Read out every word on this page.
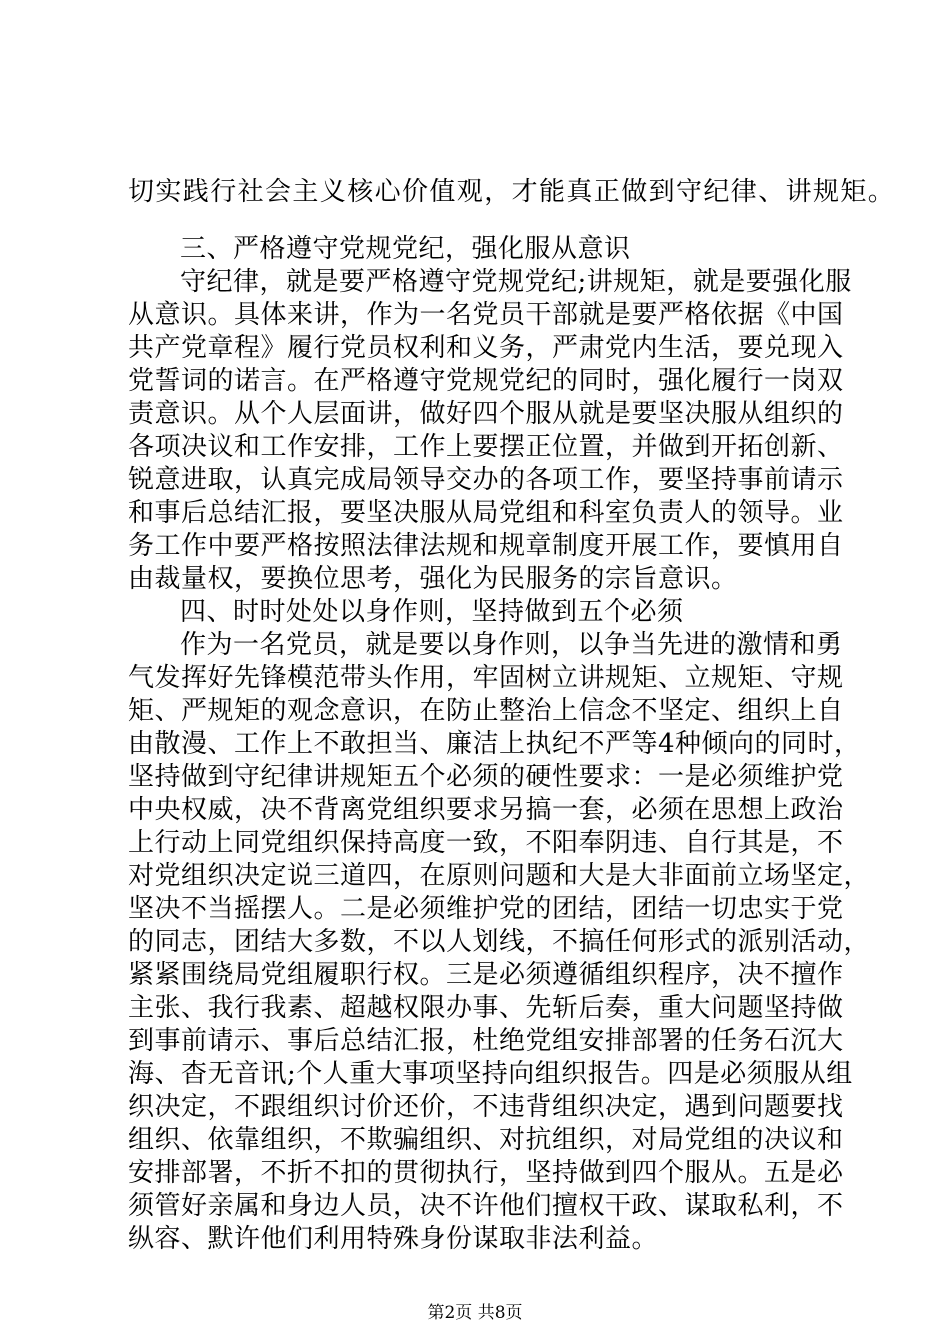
切实践行社会主义核心价值观，才能真正做到守纪律、讲规矩。
三、严格遵守党规党纪，强化服从意识
守纪律，就是要严格遵守党规党纪;讲规矩，就是要强化服
从意识。具体来讲，作为一名党员干部就是要严格依据《中国
共产党章程》履行党员权利和义务，严肃党内生活，要兑现入
党誓词的诺言。在严格遵守党规党纪的同时，强化履行一岗双
责意识。从个人层面讲，做好四个服从就是要坚决服从组织的
各项决议和工作安排，工作上要摆正位置，并做到开拓创新、
锐意进取，认真完成局领导交办的各项工作，要坚持事前请示
和事后总结汇报，要坚决服从局党组和科室负责人的领导。业
务工作中要严格按照法律法规和规章制度开展工作，要慎用自
由裁量权，要换位思考，强化为民服务的宗旨意识。
四、时时处处以身作则，坚持做到五个必须
作为一名党员，就是要以身作则，以争当先进的激情和勇
气发挥好先锋模范带头作用，牢固树立讲规矩、立规矩、守规
矩、严规矩的观念意识，在防止整治上信念不坚定、组织上自
由散漫、工作上不敢担当、廉洁上执纪不严等4种倾向的同时，
坚持做到守纪律讲规矩五个必须的硬性要求：一是必须维护党
中央权威，决不背离党组织要求另搞一套，必须在思想上政治
上行动上同党组织保持高度一致，不阳奉阴违、自行其是，不
对党组织决定说三道四，在原则问题和大是大非面前立场坚定，
坚决不当摇摆人。二是必须维护党的团结，团结一切忠实于党
的同志，团结大多数，不以人划线，不搞任何形式的派别活动，
紧紧围绕局党组履职行权。三是必须遵循组织程序，决不擅作
主张、我行我素、超越权限办事、先斩后奏，重大问题坚持做
到事前请示、事后总结汇报，杜绝党组安排部署的任务石沉大
海、杳无音讯;个人重大事项坚持向组织报告。四是必须服从组
织决定，不跟组织讨价还价，不违背组织决定，遇到问题要找
组织、依靠组织，不欺骗组织、对抗组织，对局党组的决议和
安排部署，不折不扣的贯彻执行，坚持做到四个服从。五是必
须管好亲属和身边人员，决不许他们擅权干政、谋取私利，不
纵容、默许他们利用特殊身份谋取非法利益。
第2页 共8页
